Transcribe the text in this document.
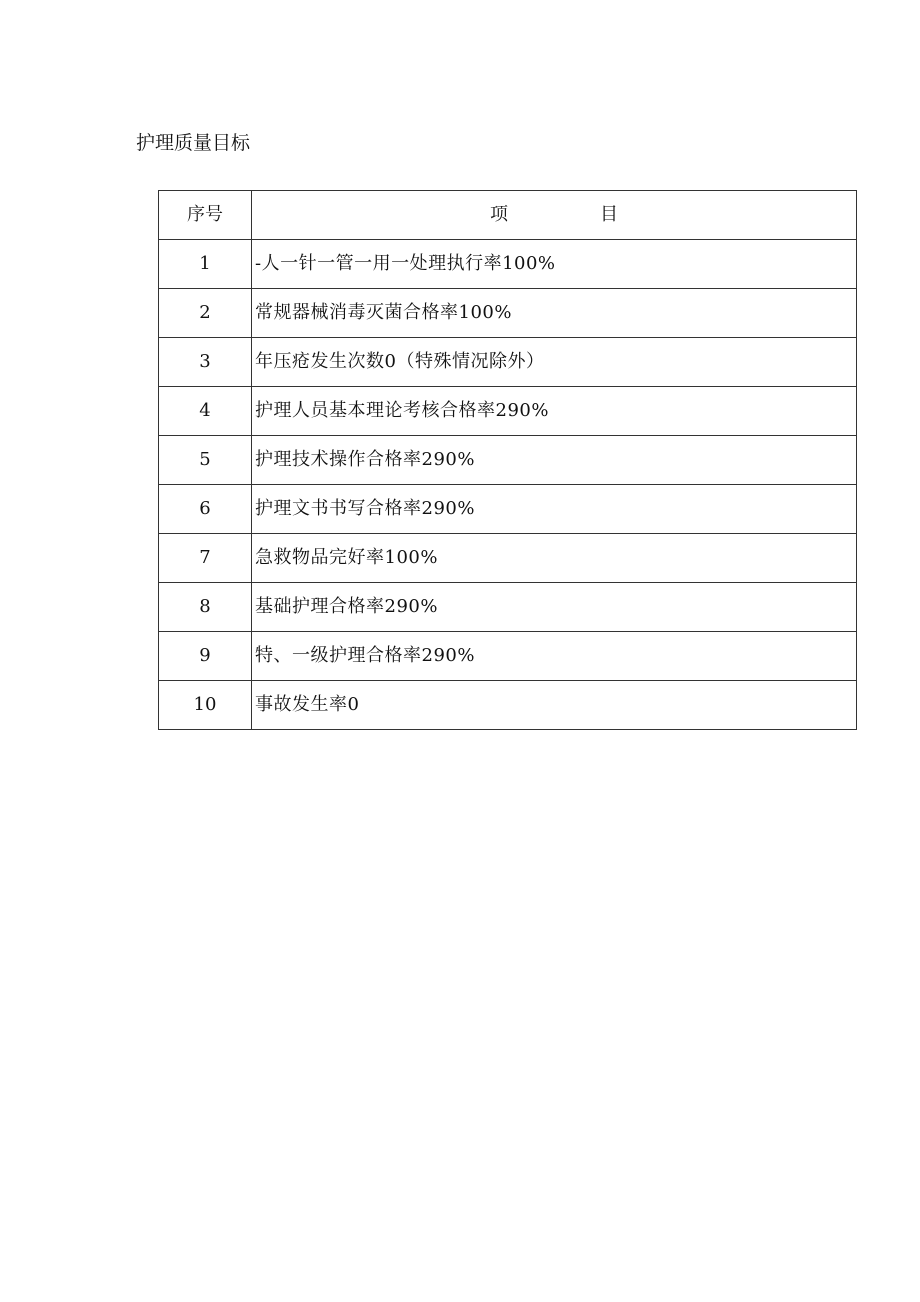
护理质量目标
序号	项 目
1	-人一针一管一用一处理执行率100%
2	常规器械消毒灭菌合格率100%
3	年压疮发生次数0（特殊情况除外）
4	护理人员基本理论考核合格率290%
5	护理技术操作合格率290%
6	护理文书书写合格率290%
7	急救物品完好率100%
8	基础护理合格率290%
9	特、一级护理合格率290%
10	事故发生率0
